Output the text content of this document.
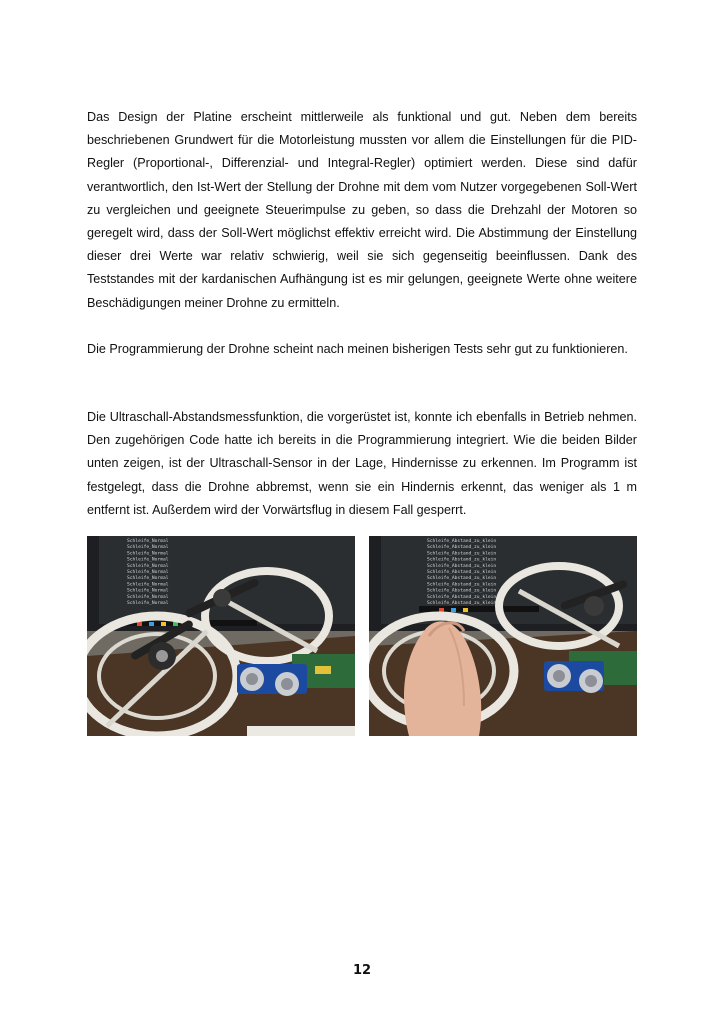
Das Design der Platine erscheint mittlerweile als funktional und gut. Neben dem bereits beschriebenen Grundwert für die Motorleistung mussten vor allem die Einstellungen für die PID-Regler (Proportional-, Differenzial- und Integral-Regler) optimiert werden. Diese sind dafür verantwortlich, den Ist-Wert der Stellung der Drohne mit dem vom Nutzer vorgegebenen Soll-Wert zu vergleichen und geeignete Steuerimpulse zu geben, so dass die Drehzahl der Motoren so geregelt wird, dass der Soll-Wert möglichst effektiv erreicht wird. Die Abstimmung der Einstellung dieser drei Werte war relativ schwierig, weil sie sich gegenseitig beeinflussen. Dank des Teststandes mit der kardanischen Aufhängung ist es mir gelungen, geeignete Werte ohne weitere Beschädigungen meiner Drohne zu ermitteln.

Die Programmierung der Drohne scheint nach meinen bisherigen Tests sehr gut zu funktionieren.

Die Ultraschall-Abstandsmessfunktion, die vorgerüstet ist, konnte ich ebenfalls in Betrieb nehmen. Den zugehörigen Code hatte ich bereits in die Programmierung integriert. Wie die beiden Bilder unten zeigen, ist der Ultraschall-Sensor in der Lage, Hindernisse zu erkennen. Im Programm ist festgelegt, dass die Drohne abbremst, wenn sie ein Hindernis erkennt, das weniger als 1 m entfernt ist. Außerdem wird der Vorwärtsflug in diesem Fall gesperrt.

Schleife_Normal
Schleife_Normal
Schleife_Normal
Schleife_Normal
Schleife_Normal
Schleife_Normal
Schleife_Normal
Schleife_Normal
Schleife_Normal
Schleife_Normal
Schleife_Normal
Schleife_Abstand_zu_klein
Schleife_Abstand_zu_klein
Schleife_Abstand_zu_klein
Schleife_Abstand_zu_klein
Schleife_Abstand_zu_klein
Schleife_Abstand_zu_klein
Schleife_Abstand_zu_klein
Schleife_Abstand_zu_klein
Schleife_Abstand_zu_klein
Schleife_Abstand_zu_klein
Schleife_Abstand_zu_klein
12
